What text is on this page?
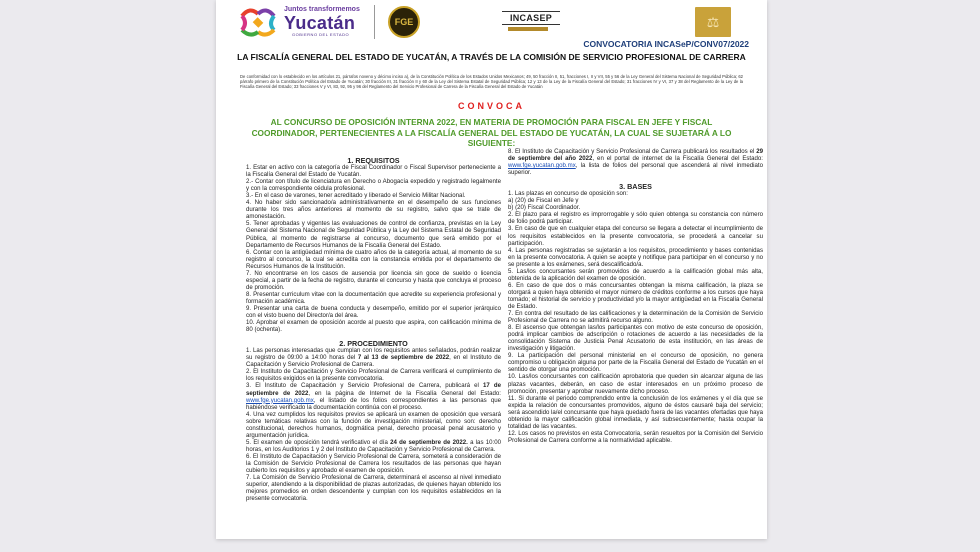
Juntos transformemos
Yucatán
GOBIERNO DEL ESTADO
FGE	INCASEP	⚖
CONVOCATORIA INCASeP/CONV07/2022
LA FISCALÍA GENERAL DEL ESTADO DE YUCATÁN, A TRAVÉS DE LA COMISIÓN DE SERVICIO PROFESIONAL DE CARRERA
De conformidad con lo establecido en los artículos 21, párrafos noveno y décimo inciso a), de la Constitución Política de los Estados Unidos Mexicanos; 49, 50 fracción II, 51, fracciones I, II y VII, 55 y 56 de la Ley General del Sistema Nacional de Seguridad Pública; 62 párrafo primero de la Constitución Política del Estado de Yucatán; 30 fracción III, 31 fracción II y 60 de la Ley del Sistema Estatal de Seguridad Pública; 12 y 13 de la Ley de la Fiscalía General del Estado; 31 fracciones IV y VI, 37 y 38 del Reglamento de la Ley de la Fiscalía General del Estado; 33 fracciones V y VI, 83, 92, 95 y 96 del Reglamento del Servicio Profesional de Carrera de la Fiscalía General del Estado de Yucatán
CONVOCA
AL CONCURSO DE OPOSICIÓN INTERNA 2022, EN MATERIA DE PROMOCIÓN PARA FISCAL EN JEFE Y FISCAL COORDINADOR, PERTENECIENTES A LA FISCALÍA GENERAL DEL ESTADO DE YUCATÁN, LA CUAL SE SUJETARÁ A LO SIGUIENTE:
1. REQUISITOS

1. Estar en activo con la categoría de Fiscal Coordinador o Fiscal Supervisor perteneciente a la Fiscalía General del Estado de Yucatán.

2.- Contar con título de licenciatura en Derecho o Abogacía expedido y registrado legalmente y con la correspondiente cédula profesional.

3.- En el caso de varones, tener acreditado y liberado el Servicio Militar Nacional.

4. No haber sido sancionado/a administrativamente en el desempeño de sus funciones durante los tres años anteriores al momento de su registro, salvo que se trate de amonestación.

5. Tener aprobadas y vigentes las evaluaciones de control de confianza, previstas en la Ley General del Sistema Nacional de Seguridad Pública y la Ley del Sistema Estatal de Seguridad Pública, al momento de registrarse al concurso, documento que será emitido por el Departamento de Recursos Humanos de la Fiscalía General del Estado.

6. Contar con la antigüedad mínima de cuatro años de la categoría actual, al momento de su registro al concurso, la cual se acredita con la constancia emitida por el departamento de Recursos Humanos de la Institución.

7. No encontrarse en los casos de ausencia por licencia sin goce de sueldo o licencia especial, a partir de la fecha de registro, durante el concurso y hasta que concluya el proceso de promoción.

8. Presentar curriculum vitae con la documentación que acredite su experiencia profesional y formación académica.

9. Presentar una carta de buena conducta y desempeño, emitido por el superior jerárquico con el visto bueno del Director/a del área.

10. Aprobar el examen de oposición acorde al puesto que aspira, con calificación mínima de 80 (ochenta).

2. PROCEDIMIENTO

1. Las personas interesadas que cumplan con los requisitos antes señalados, podrán realizar su registro de 09:00 a 14:00 horas del 7 al 13 de septiembre de 2022, en el Instituto de Capacitación y Servicio Profesional de Carrera.

2. El Instituto de Capacitación y Servicio Profesional de Carrera verificará el cumplimiento de los requisitos exigidos en la presente convocatoria.

3. El Instituto de Capacitación y Servicio Profesional de Carrera, publicará el 17 de septiembre de 2022, en la página de Internet de la Fiscalía General del Estado: www.fge.yucatan.gob.mx, el listado de los folios correspondientes a las personas que habiéndose verificado la documentación continúa con el proceso.

4. Una vez cumplidos los requisitos previos se aplicará un examen de oposición que versará sobre temáticas relativas con la función de investigación ministerial, como son: derecho constitucional, derechos humanos, dogmática penal, derecho procesal penal acusatorio y argumentación jurídica.

5. El examen de oposición tendrá verificativo el día 24 de septiembre de 2022. a las 10:00 horas, en los Auditorios 1 y 2 del Instituto de Capacitación y Servicio Profesional de Carrera.

6. El Instituto de Capacitación y Servicio Profesional de Carrera, someterá a consideración de la Comisión de Servicio Profesional de Carrera los resultados de las personas que hayan cubierto los requisitos y aprobado el examen de oposición.

7. La Comisión de Servicio Profesional de Carrera, determinará el ascenso al nivel inmediato superior, atendiendo a la disponibilidad de plazas autorizadas, de quienes hayan obtenido los mejores promedios en orden descendente y cumplan con los requisitos establecidos en la presente convocatoria.

8. El Instituto de Capacitación y Servicio Profesional de Carrera publicará los resultados el 29 de septiembre del año 2022, en el portal de internet de la Fiscalía General del Estado: www.fge.yucatan.gob.mx, la lista de folios del personal que ascenderá al nivel inmediato superior.

3. BASES

1. Las plazas en concurso de oposición son:

a) (20) de Fiscal en Jefe y

b) (20) Fiscal Coordinador.

2. El plazo para el registro es improrrogable y sólo quien obtenga su constancia con número de folio podrá participar.

3. En caso de que en cualquier etapa del concurso se llegara a detectar el incumplimiento de los requisitos establecidos en la presente convocatoria, se procederá a cancelar su participación.

4. Las personas registradas se sujetarán a los requisitos, procedimiento y bases contenidas en la presente convocatoria. A quien se acepte y notifique para participar en el concurso y no se presente a los exámenes, será descalificado/a.

5. Las/los concursantes serán promovidos de acuerdo a la calificación global más alta, obtenida de la aplicación del examen de oposición.

6. En caso de que dos o más concursantes obtengan la misma calificación, la plaza se otorgará a quien haya obtenido el mayor número de créditos conforme a los cursos que haya tomado; el historial de servicio y productividad y/o la mayor antigüedad en la Fiscalía General de Estado.

7. En contra del resultado de las calificaciones y la determinación de la Comisión de Servicio Profesional de Carrera no se admitirá recurso alguno.

8. El ascenso que obtengan las/los participantes con motivo de este concurso de oposición, podrá implicar cambios de adscripción o rotaciones de acuerdo a las necesidades de la consolidación Sistema de Justicia Penal Acusatorio de esta institución, en las áreas de investigación y litigación.

9. La participación del personal ministerial en el concurso de oposición, no genera compromiso u obligación alguna por parte de la Fiscalía General del Estado de Yucatán en el sentido de otorgar una promoción.

10. Las/los concursantes con calificación aprobatoria que queden sin alcanzar alguna de las plazas vacantes, deberán, en caso de estar interesados en un próximo proceso de promoción, presentar y aprobar nuevamente dicho proceso.

11. Si durante el periodo comprendido entre la conclusión de los exámenes y el día que se expida la relación de concursantes promovidos, alguno de éstos causaré baja del servicio; será ascendido la/el concursante que haya quedado fuera de las vacantes ofertadas que haya obtenido la mayor calificación global inmediata, y así subsecuentemente; hasta ocupar la totalidad de las vacantes.

12. Los casos no previstos en esta Convocatoria, serán resueltos por la Comisión del Servicio Profesional de Carrera conforme a la normatividad aplicable.
